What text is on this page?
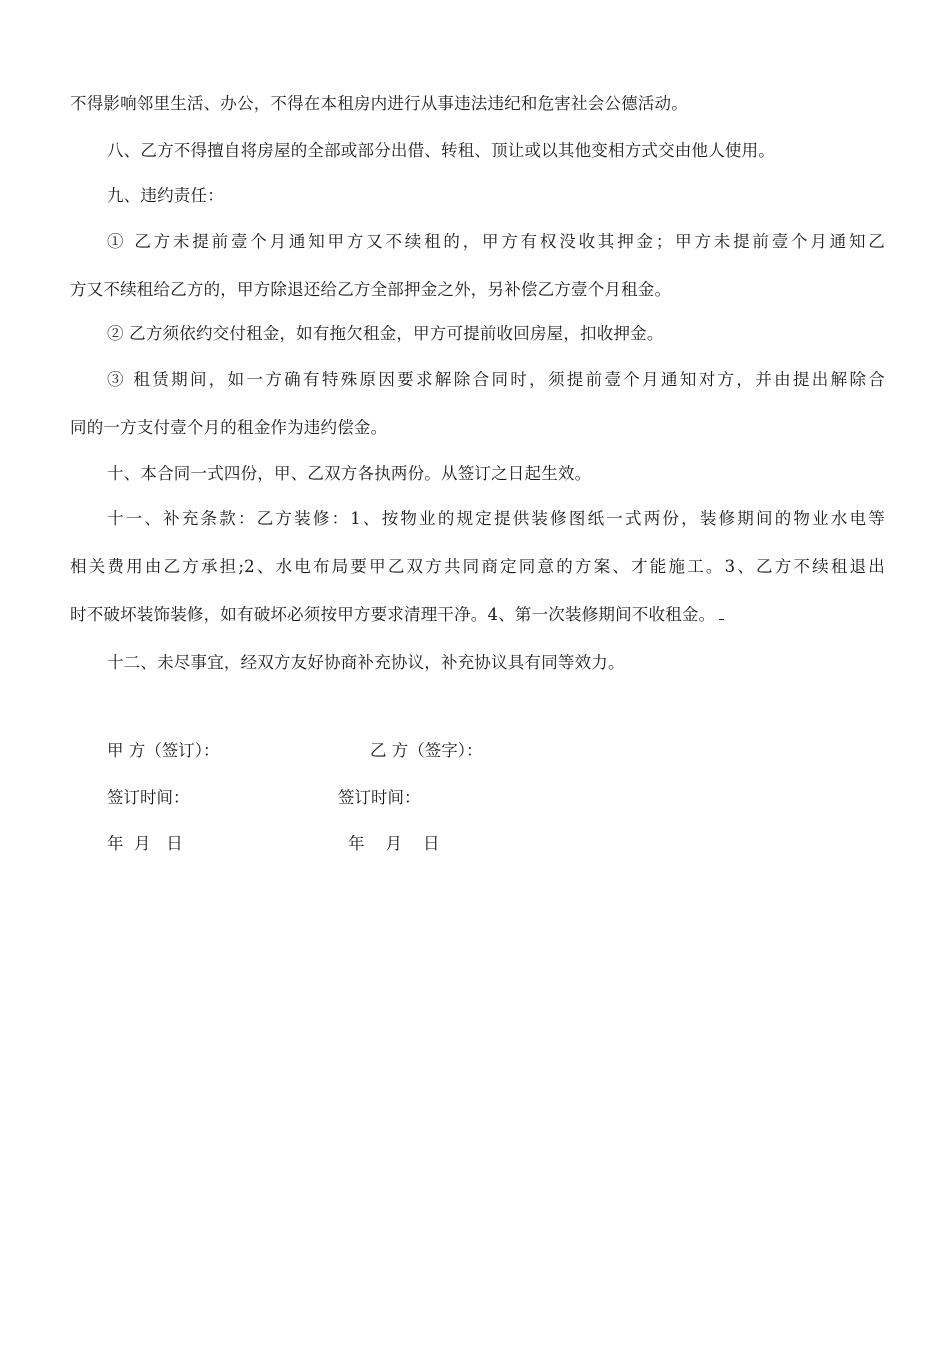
不得影响邻里生活、办公，不得在本租房内进行从事违法违纪和危害社会公德活动。
八、乙方不得擅自将房屋的全部或部分出借、转租、顶让或以其他变相方式交由他人使用。
九、违约责任：
① 乙方未提前壹个月通知甲方又不续租的，甲方有权没收其押金；甲方未提前壹个月通知乙
方又不续租给乙方的，甲方除退还给乙方全部押金之外，另补偿乙方壹个月租金。
② 乙方须依约交付租金，如有拖欠租金，甲方可提前收回房屋，扣收押金。
③ 租赁期间，如一方确有特殊原因要求解除合同时，须提前壹个月通知对方，并由提出解除合
同的一方支付壹个月的租金作为违约偿金。
十、本合同一式四份，甲、乙双方各执两份。从签订之日起生效。
十一、补充条款：乙方装修：1、按物业的规定提供装修图纸一式两份，装修期间的物业水电等
相关费用由乙方承担;2、水电布局要甲乙双方共同商定同意的方案、才能施工。3、乙方不续租退出
时不破坏装饰装修，如有破坏必须按甲方要求清理干净。4、第一次装修期间不收租金。
十二、未尽事宜，经双方友好协商补充协议，补充协议具有同等效力。
甲 方（签订）：	乙 方（签字）：
签订时间：	签订时间：
年  月   日	年    月    日
